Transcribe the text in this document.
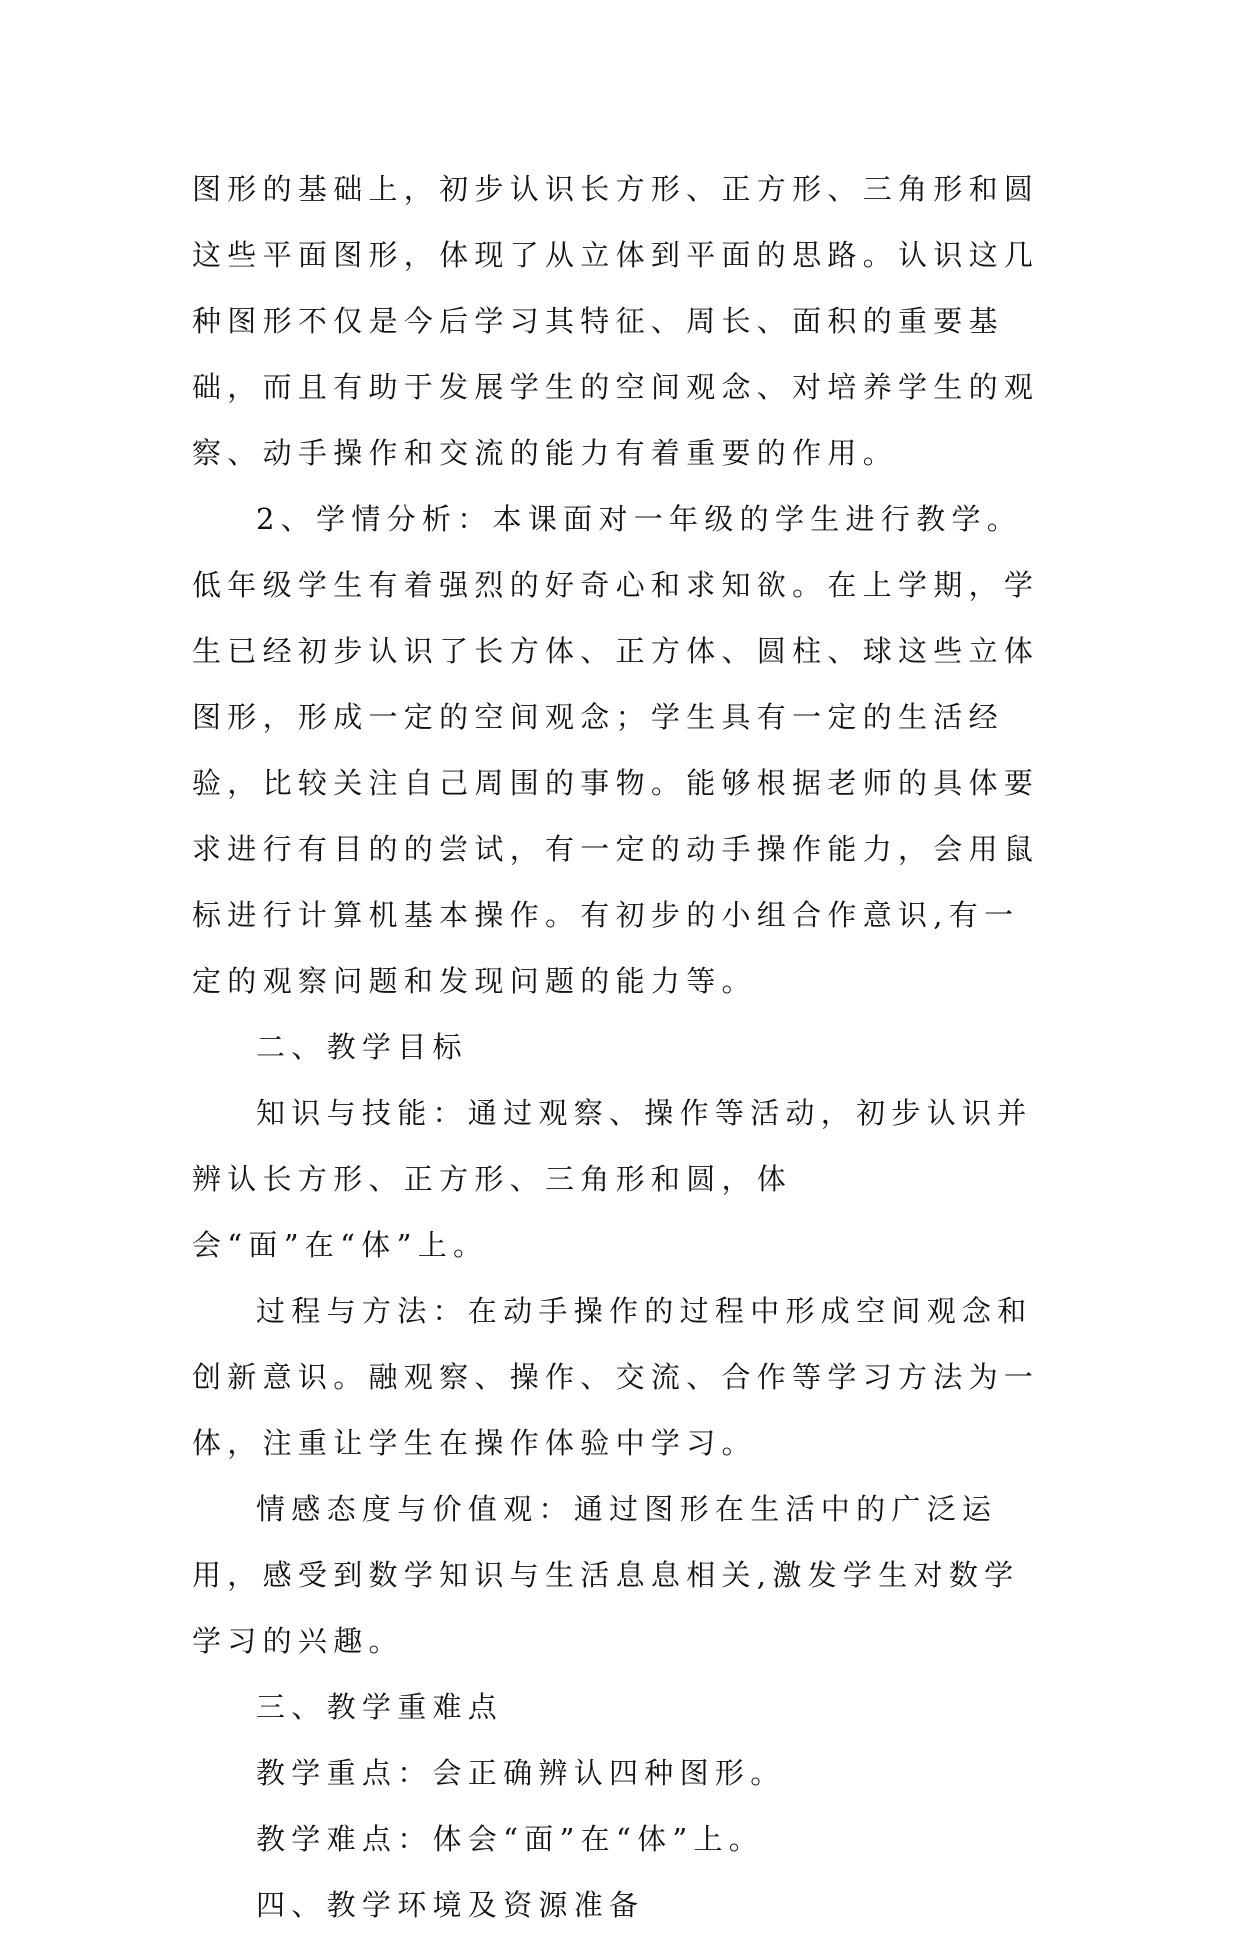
图形的基础上，初步认识长方形、正方形、三角形和圆这些平面图形，体现了从立体到平面的思路。认识这几种图形不仅是今后学习其特征、周长、面积的重要基础，而且有助于发展学生的空间观念、对培养学生的观察、动手操作和交流的能力有着重要的作用。

2、学情分析：本课面对一年级的学生进行教学。低年级学生有着强烈的好奇心和求知欲。在上学期，学生已经初步认识了长方体、正方体、圆柱、球这些立体图形，形成一定的空间观念；学生具有一定的生活经验，比较关注自己周围的事物。能够根据老师的具体要求进行有目的的尝试，有一定的动手操作能力，会用鼠标进行计算机基本操作。有初步的小组合作意识,有一定的观察问题和发现问题的能力等。

二、教学目标

知识与技能：通过观察、操作等活动，初步认识并辨认长方形、正方形、三角形和圆，体会“面”在“体”上。

过程与方法：在动手操作的过程中形成空间观念和创新意识。融观察、操作、交流、合作等学习方法为一体，注重让学生在操作体验中学习。

情感态度与价值观：通过图形在生活中的广泛运用，感受到数学知识与生活息息相关,激发学生对数学学习的兴趣。

三、教学重难点

教学重点：会正确辨认四种图形。

教学难点：体会“面”在“体”上。

四、教学环境及资源准备
